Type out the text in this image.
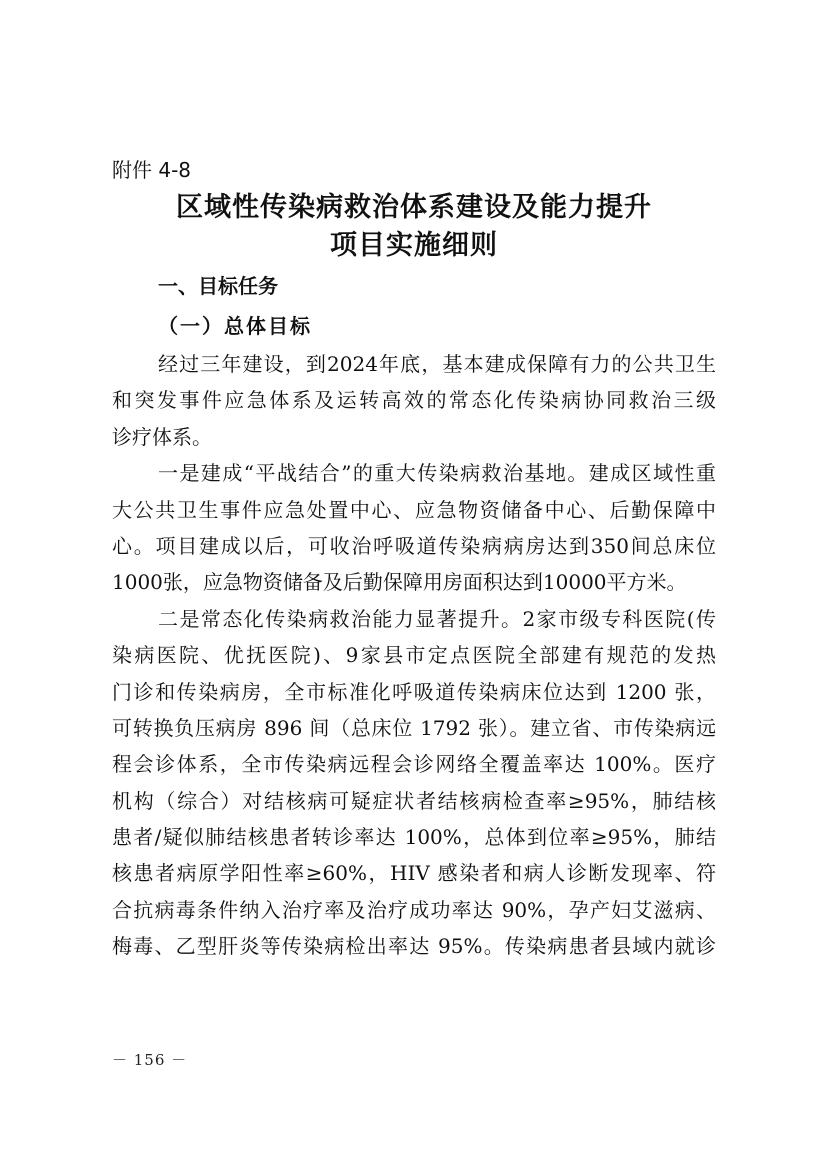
附件 4-8
区域性传染病救治体系建设及能力提升
项目实施细则
一、目标任务
（一）总体目标
经过三年建设，到2024年底，基本建成保障有力的公共卫生
和突发事件应急体系及运转高效的常态化传染病协同救治三级
诊疗体系。
一是建成“平战结合”的重大传染病救治基地。建成区域性重
大公共卫生事件应急处置中心、应急物资储备中心、后勤保障中
心。项目建成以后，可收治呼吸道传染病病房达到350间总床位
1000张，应急物资储备及后勤保障用房面积达到10000平方米。
二是常态化传染病救治能力显著提升。2家市级专科医院(传
染病医院、优抚医院)、9家县市定点医院全部建有规范的发热
门诊和传染病房，全市标准化呼吸道传染病床位达到 1200 张，
可转换负压病房 896 间（总床位 1792 张）。建立省、市传染病远
程会诊体系，全市传染病远程会诊网络全覆盖率达 100%。医疗
机构（综合）对结核病可疑症状者结核病检查率≥95%，肺结核
患者/疑似肺结核患者转诊率达 100%，总体到位率≥95%，肺结
核患者病原学阳性率≥60%，HIV 感染者和病人诊断发现率、符
合抗病毒条件纳入治疗率及治疗成功率达 90%，孕产妇艾滋病、
梅毒、乙型肝炎等传染病检出率达 95%。传染病患者县域内就诊
－ 156 －
